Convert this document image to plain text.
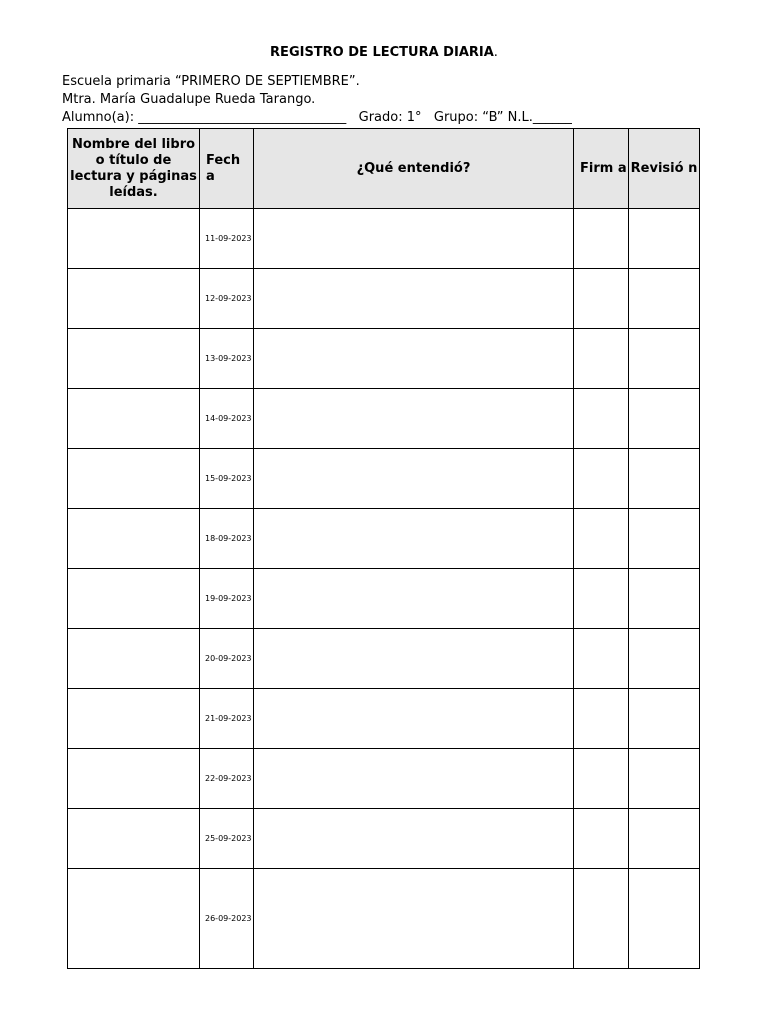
REGISTRO DE LECTURA DIARIA.
Escuela primaria “PRIMERO DE SEPTIEMBRE”.
Mtra. María Guadalupe Rueda Tarango.
Alumno(a): ________________________________   Grado: 1°   Grupo: “B” N.L.______
Nombre del libro o título de lectura y páginas leídas.	Fech a	¿Qué entendió?	Firm a	Revisió n
	11-09-2023			
	12-09-2023			
	13-09-2023			
	14-09-2023			
	15-09-2023			
	18-09-2023			
	19-09-2023			
	20-09-2023			
	21-09-2023			
	22-09-2023			
	25-09-2023			
	26-09-2023			
